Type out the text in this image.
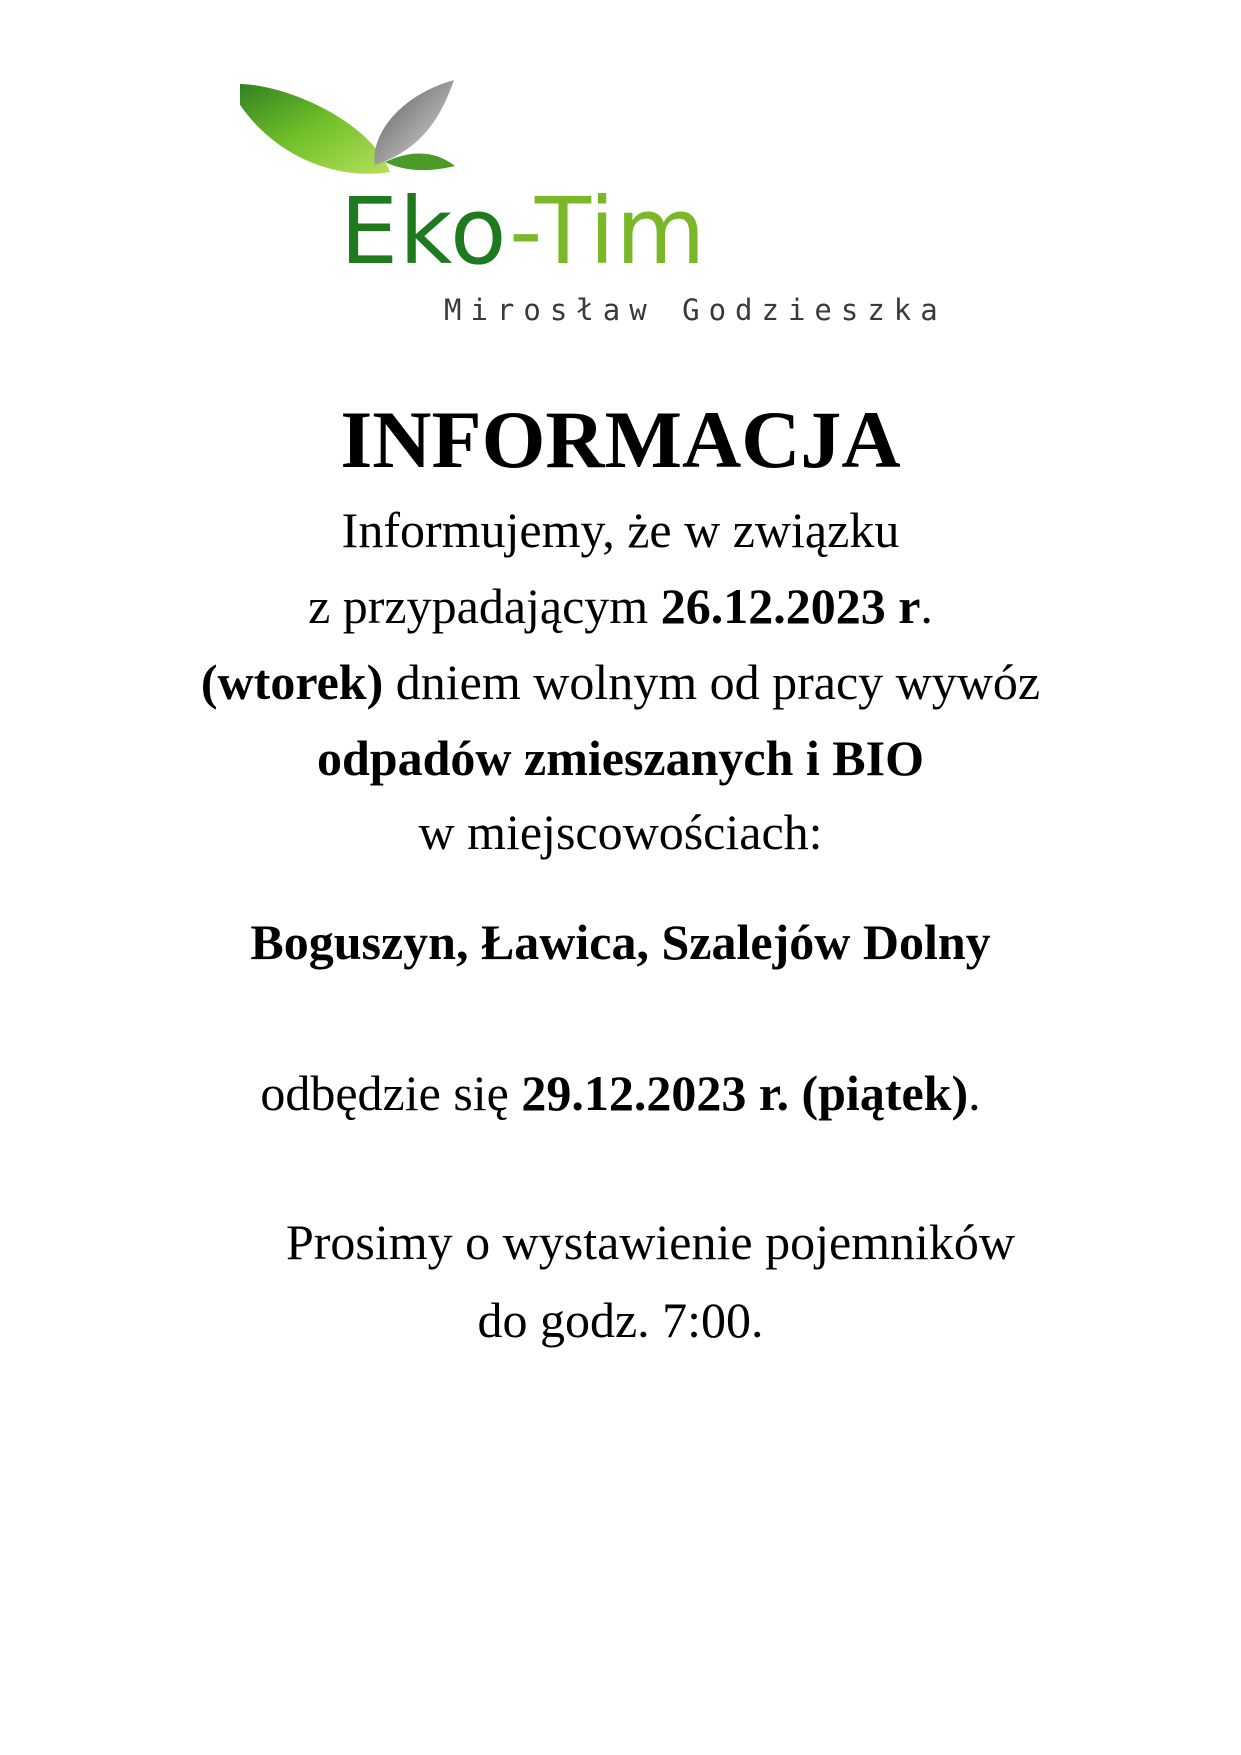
Eko-Tim
Mirosław Godzieszka
INFORMACJA

Informujemy, że w związku

z przypadającym 26.12.2023 r.

(wtorek) dniem wolnym od pracy wywóz

odpadów zmieszanych i BIO

w miejscowościach:

Boguszyn, Ławica, Szalejów Dolny

odbędzie się 29.12.2023 r. (piątek).

Prosimy o wystawienie pojemników

do godz. 7:00.
